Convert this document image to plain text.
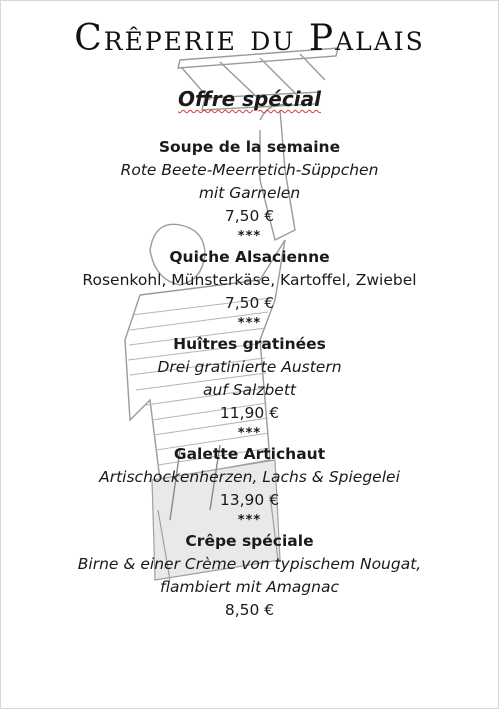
Crêperie du Palais
Offre spécial
Soupe de la semaine
Rote Beete-Meerretich-Süppchen
mit Garnelen
7,50 €
***
Quiche Alsacienne
Rosenkohl, Münsterkäse, Kartoffel, Zwiebel
7,50 €
***
Huîtres gratinées
Drei gratinierte Austern
auf Salzbett
11,90 €
***
Galette Artichaut
Artischockenherzen, Lachs & Spiegelei
13,90 €
***
Crêpe spéciale
Birne & einer Crème von typischem Nougat,
flambiert mit Amagnac
8,50 €
